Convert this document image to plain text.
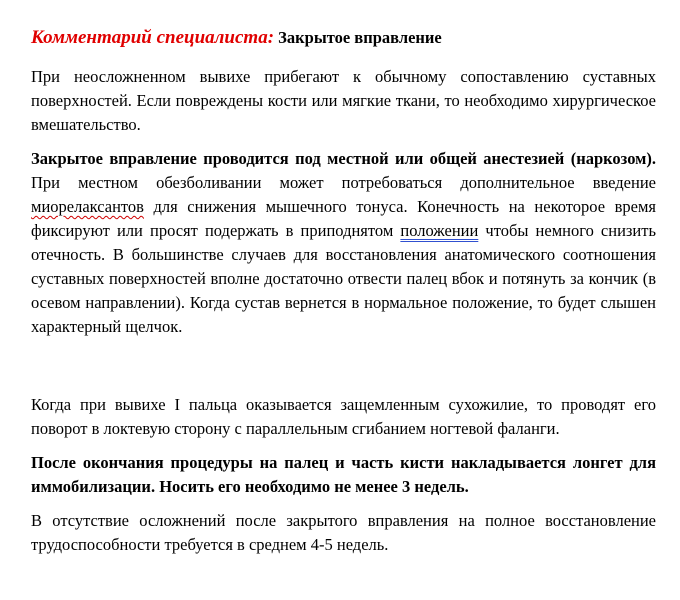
Комментарий специалиста: Закрытое вправление

При неосложненном вывихе прибегают к обычному сопоставлению суставных поверхностей. Если повреждены кости или мягкие ткани, то необходимо хирургическое вмешательство.

Закрытое вправление проводится под местной или общей анестезией (наркозом). При местном обезболивании может потребоваться дополнительное введение миорелаксантов для снижения мышечного тонуса. Конечность на некоторое время фиксируют или просят подержать в приподнятом положении чтобы немного снизить отечность. В большинстве случаев для восстановления анатомического соотношения суставных поверхностей вполне достаточно отвести палец вбок и потянуть за кончик (в осевом направлении). Когда сустав вернется в нормальное положение, то будет слышен характерный щелчок.

Когда при вывихе I пальца оказывается защемленным сухожилие, то проводят его поворот в локтевую сторону с параллельным сгибанием ногтевой фаланги.

После окончания процедуры на палец и часть кисти накладывается лонгет для иммобилизации. Носить его необходимо не менее 3 недель.

В отсутствие осложнений после закрытого вправления на полное восстановление трудоспособности требуется в среднем 4-5 недель.
